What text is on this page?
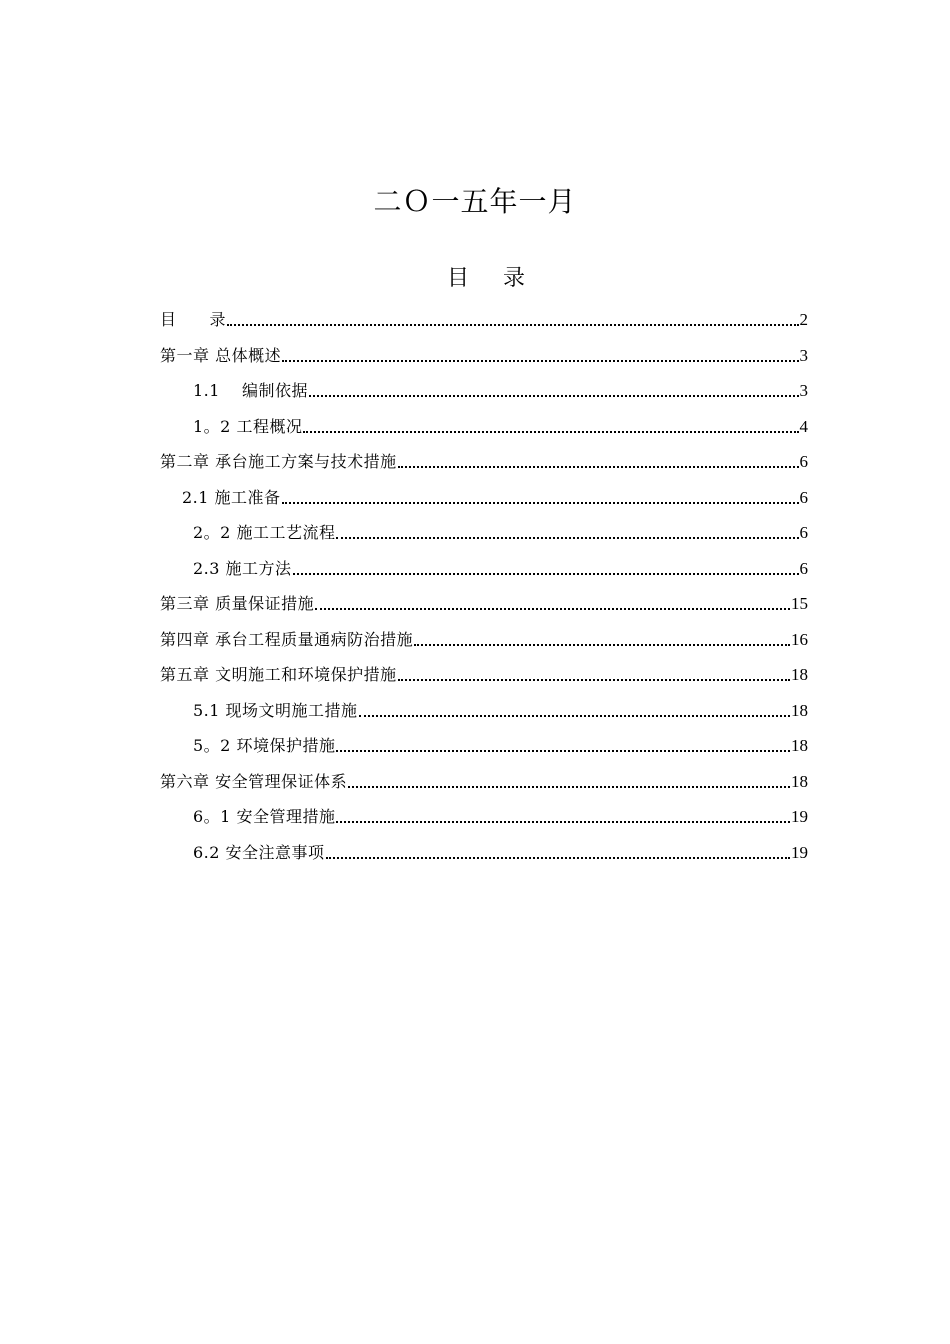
二Ｏ一五年一月
目 录
目　　录	2
第一章 总体概述	3
1.1　 编制依据	3
1。2 工程概况	4
第二章 承台施工方案与技术措施	6
2.1 施工准备	6
2。2 施工工艺流程	6
2.3 施工方法	6
第三章 质量保证措施	15
第四章 承台工程质量通病防治措施	16
第五章 文明施工和环境保护措施	18
5.1 现场文明施工措施	18
5。2 环境保护措施	18
第六章 安全管理保证体系	18
6。1 安全管理措施	19
6.2 安全注意事项	19
